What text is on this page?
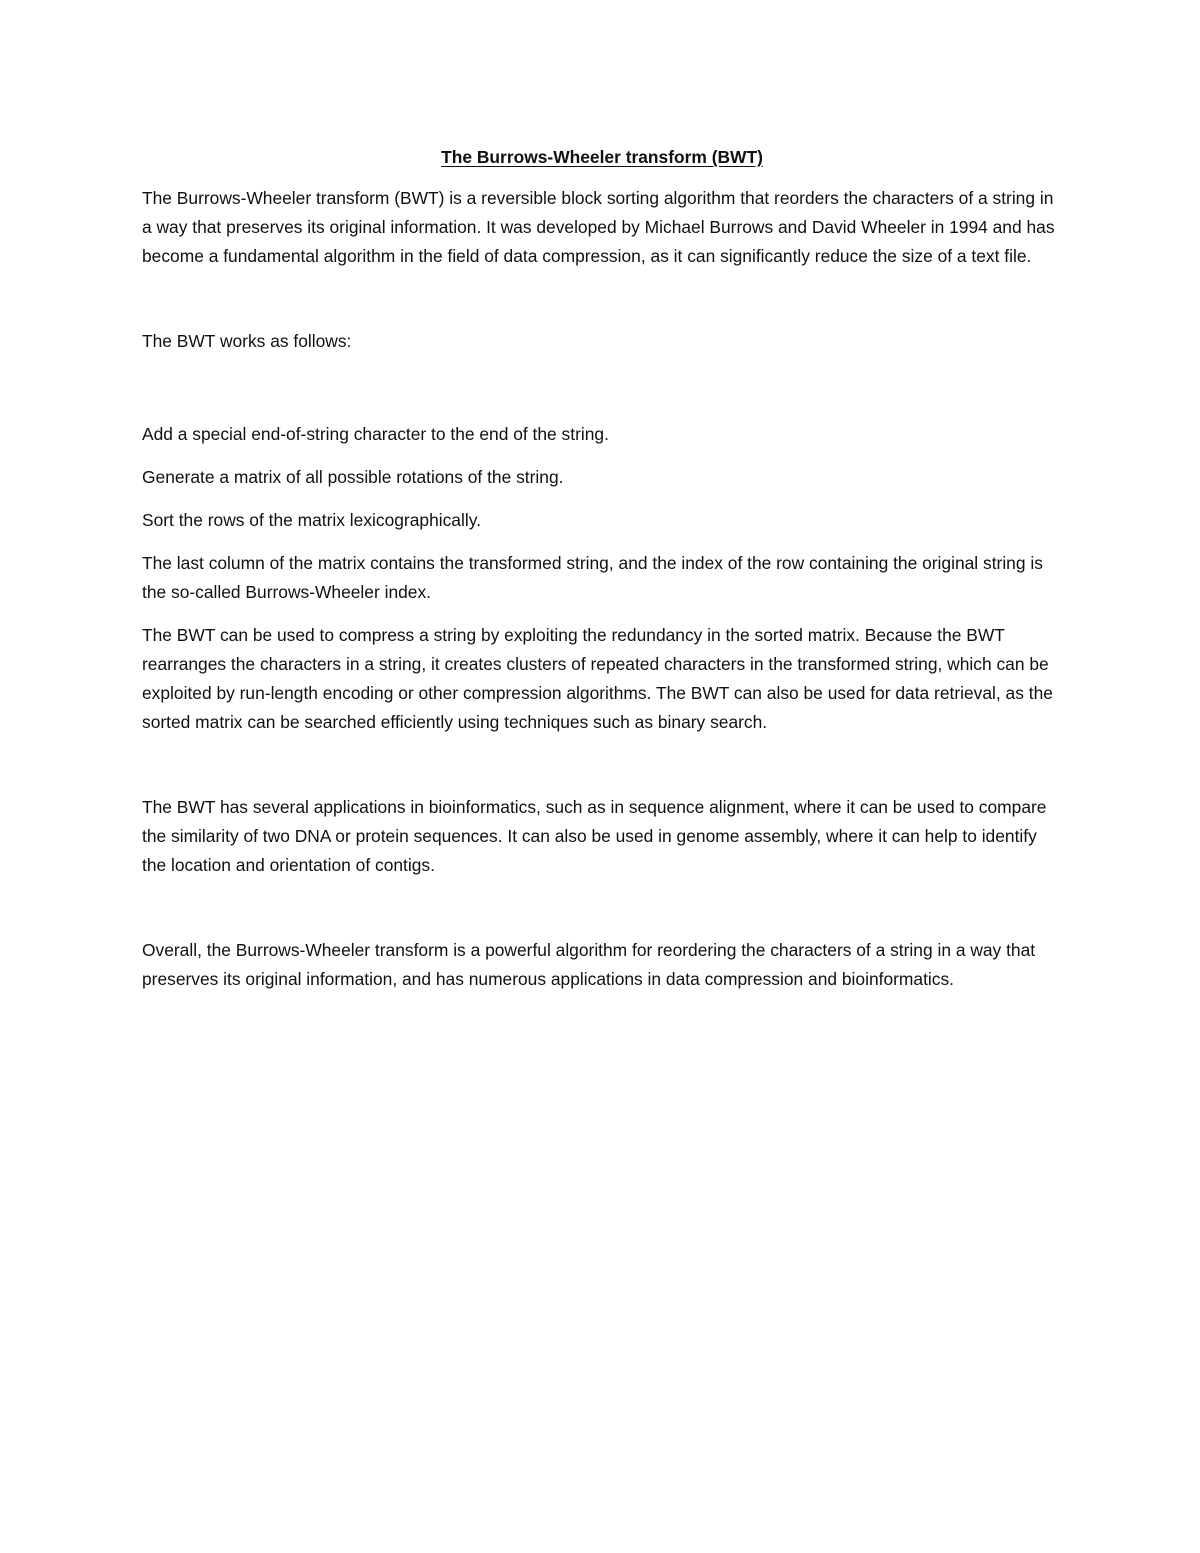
The Burrows-Wheeler transform (BWT)

The Burrows-Wheeler transform (BWT) is a reversible block sorting algorithm that reorders the characters of a string in a way that preserves its original information. It was developed by Michael Burrows and David Wheeler in 1994 and has become a fundamental algorithm in the field of data compression, as it can significantly reduce the size of a text file.

The BWT works as follows:

Add a special end-of-string character to the end of the string.

Generate a matrix of all possible rotations of the string.

Sort the rows of the matrix lexicographically.

The last column of the matrix contains the transformed string, and the index of the row containing the original string is the so-called Burrows-Wheeler index.

The BWT can be used to compress a string by exploiting the redundancy in the sorted matrix. Because the BWT rearranges the characters in a string, it creates clusters of repeated characters in the transformed string, which can be exploited by run-length encoding or other compression algorithms. The BWT can also be used for data retrieval, as the sorted matrix can be searched efficiently using techniques such as binary search.

The BWT has several applications in bioinformatics, such as in sequence alignment, where it can be used to compare the similarity of two DNA or protein sequences. It can also be used in genome assembly, where it can help to identify the location and orientation of contigs.

Overall, the Burrows-Wheeler transform is a powerful algorithm for reordering the characters of a string in a way that preserves its original information, and has numerous applications in data compression and bioinformatics.
